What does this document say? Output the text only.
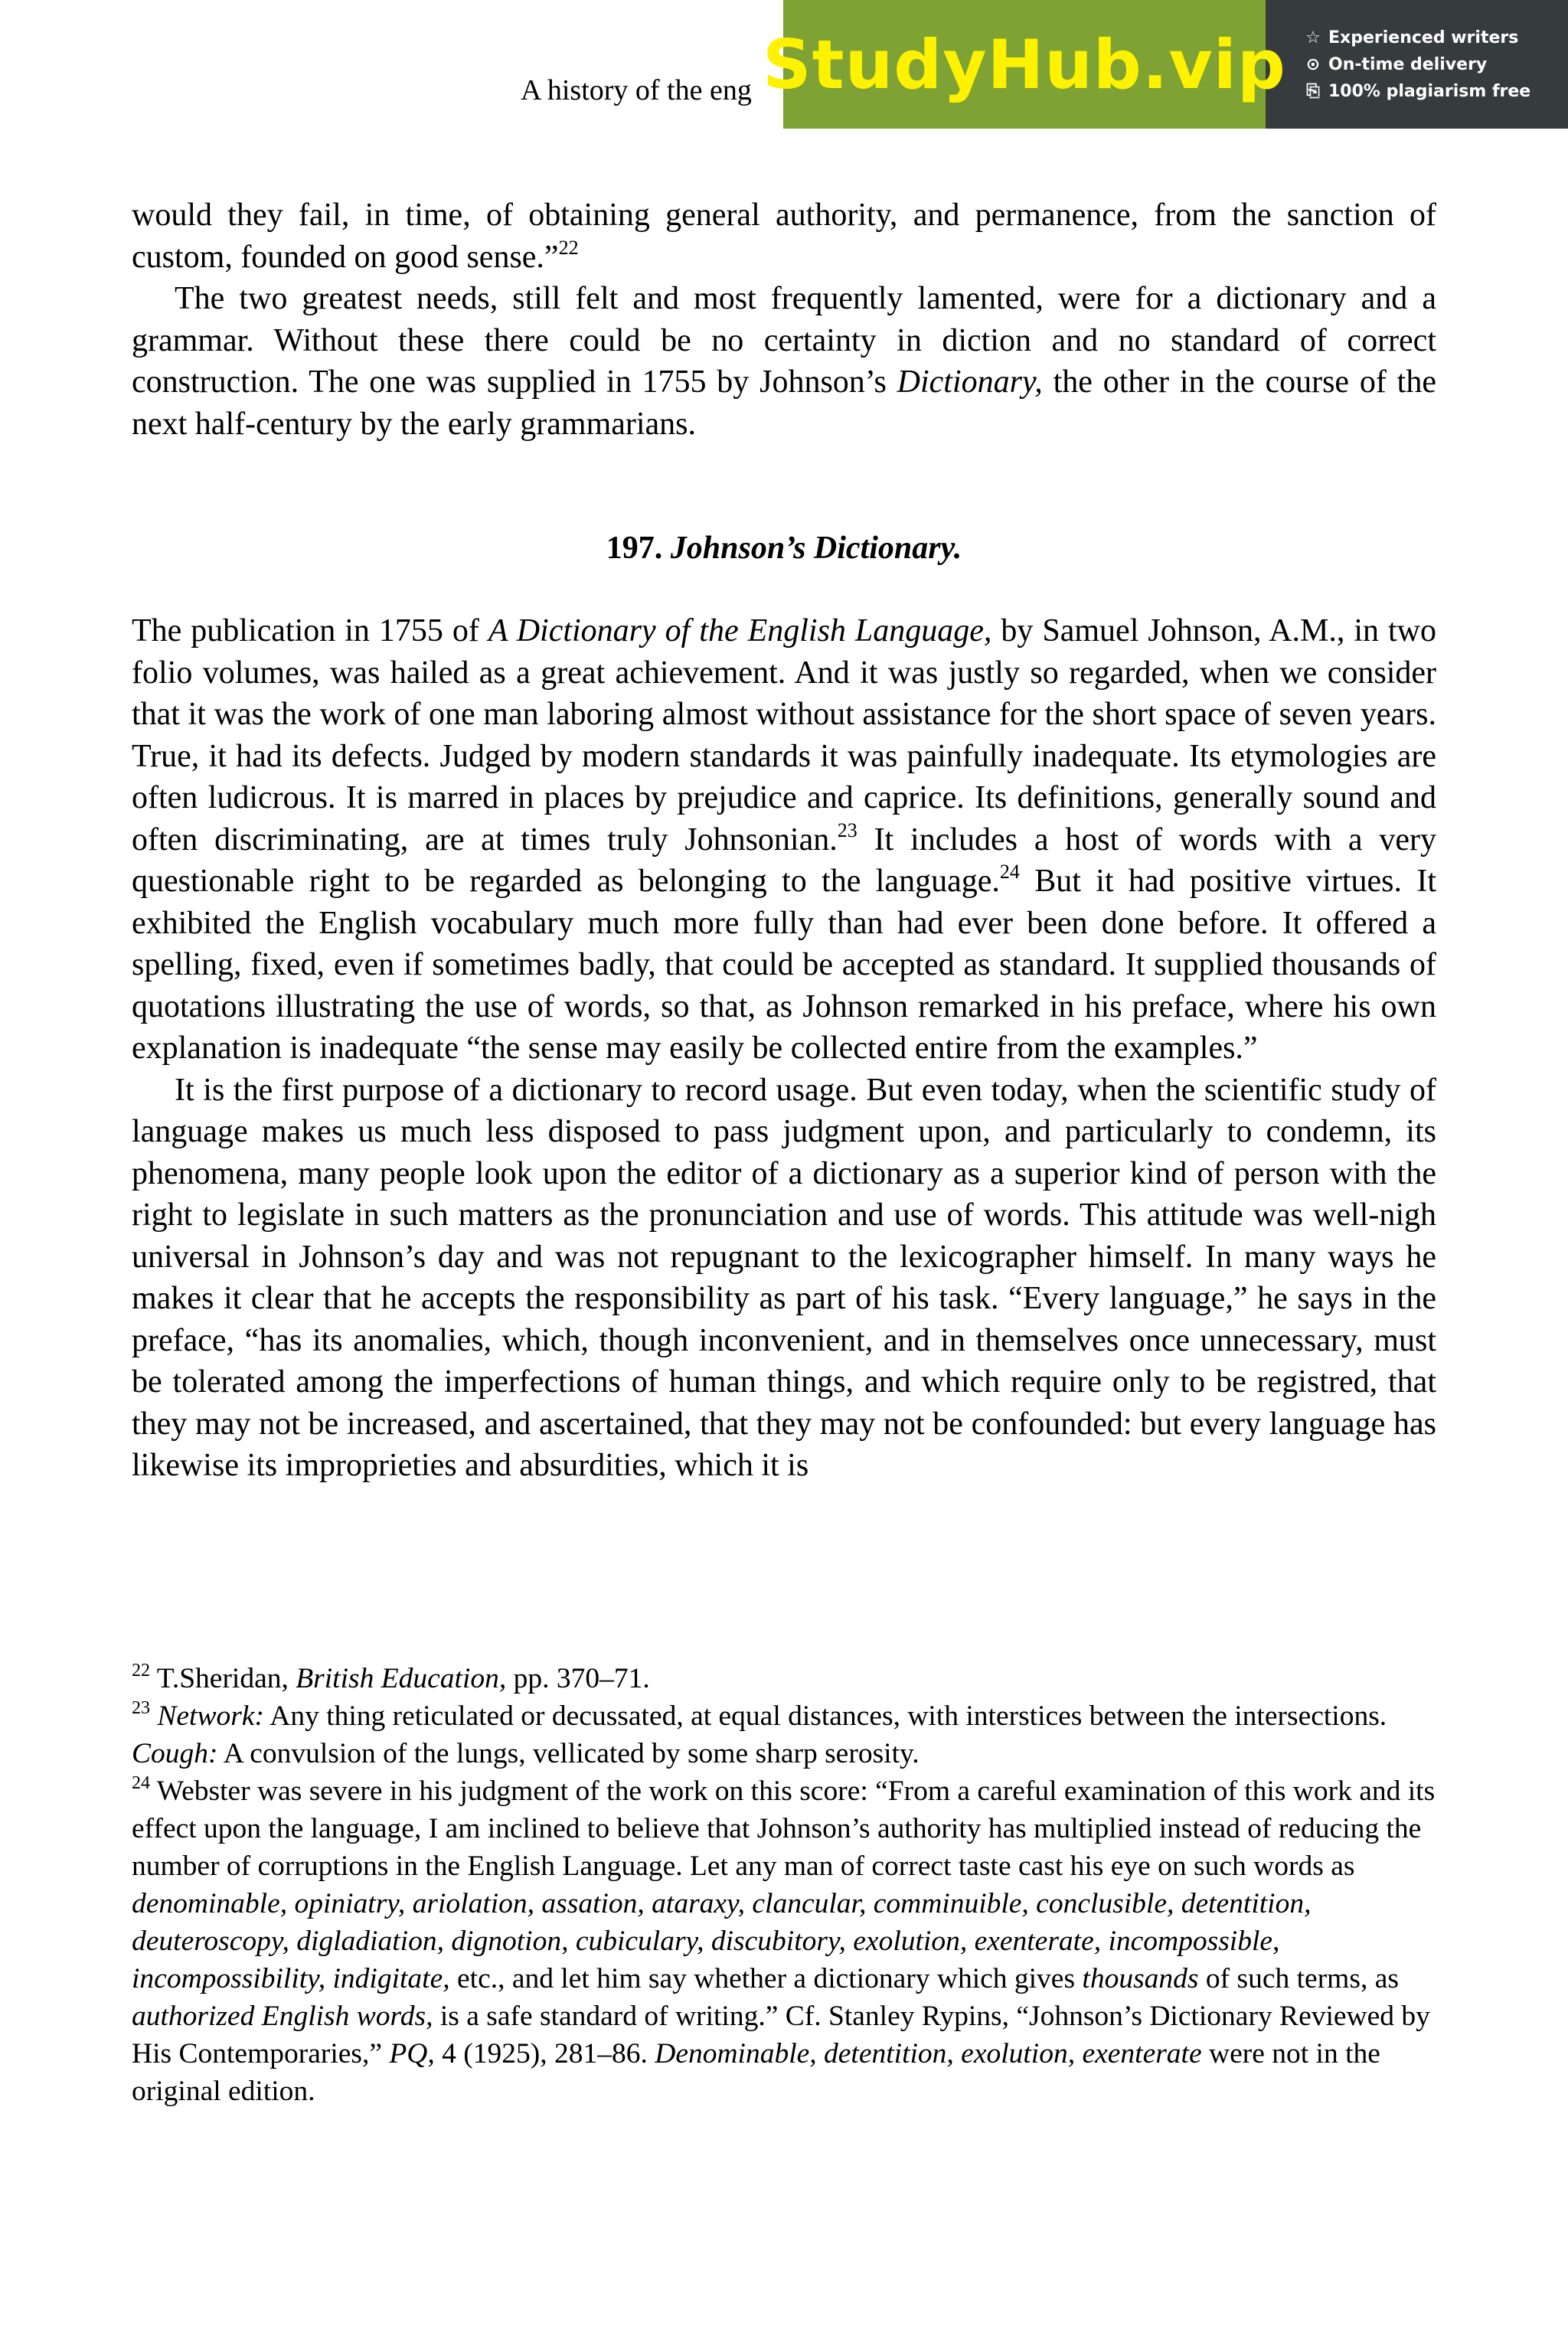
A history of the eng StudyHub.vip ☆ Experienced writers
⊙ On-time delivery
⎘ 100% plagiarism free

would they fail, in time, of obtaining general authority, and permanence, from the sanction of custom, founded on good sense.”$^{22}$

The two greatest needs, still felt and most frequently lamented, were for a dictionary and a grammar. Without these there could be no certainty in diction and no standard of correct construction. The one was supplied in 1755 by Johnson’s Dictionary, the other in the course of the next half-century by the early grammarians.

197. Johnson’s Dictionary.

The publication in 1755 of A Dictionary of the English Language, by Samuel Johnson, A.M., in two folio volumes, was hailed as a great achievement. And it was justly so regarded, when we consider that it was the work of one man laboring almost without assistance for the short space of seven years. True, it had its defects. Judged by modern standards it was painfully inadequate. Its etymologies are often ludicrous. It is marred in places by prejudice and caprice. Its definitions, generally sound and often discriminating, are at times truly Johnsonian.$^{23}$ It includes a host of words with a very questionable right to be regarded as belonging to the language.$^{24}$ But it had positive virtues. It exhibited the English vocabulary much more fully than had ever been done before. It offered a spelling, fixed, even if sometimes badly, that could be accepted as standard. It supplied thousands of quotations illustrating the use of words, so that, as Johnson remarked in his preface, where his own explanation is inadequate “the sense may easily be collected entire from the examples.”

It is the first purpose of a dictionary to record usage. But even today, when the scientific study of language makes us much less disposed to pass judgment upon, and particularly to condemn, its phenomena, many people look upon the editor of a dictionary as a superior kind of person with the right to legislate in such matters as the pronunciation and use of words. This attitude was well-nigh universal in Johnson’s day and was not repugnant to the lexicographer himself. In many ways he makes it clear that he accepts the responsibility as part of his task. “Every language,” he says in the preface, “has its anomalies, which, though inconvenient, and in themselves once unnecessary, must be tolerated among the imperfections of human things, and which require only to be registred, that they may not be increased, and ascertained, that they may not be confounded: but every language has likewise its improprieties and absurdities, which it is

$^{22}$ T.Sheridan, British Education, pp. 370–71.

$^{23}$ Network: Any thing reticulated or decussated, at equal distances, with interstices between the intersections. Cough: A convulsion of the lungs, vellicated by some sharp serosity.

$^{24}$ Webster was severe in his judgment of the work on this score: “From a careful examination of this work and its effect upon the language, I am inclined to believe that Johnson’s authority has multiplied instead of reducing the number of corruptions in the English Language. Let any man of correct taste cast his eye on such words as denominable, opiniatry, ariolation, assation, ataraxy, clancular, comminuible, conclusible, detentition, deuteroscopy, digladiation, dignotion, cubiculary, discubitory, exolution, exenterate, incompossible, incompossibility, indigitate, etc., and let him say whether a dictionary which gives thousands of such terms, as authorized English words, is a safe standard of writing.” Cf. Stanley Rypins, “Johnson’s Dictionary Reviewed by His Contemporaries,” PQ, 4 (1925), 281–86. Denominable, detentition, exolution, exenterate were not in the original edition.
